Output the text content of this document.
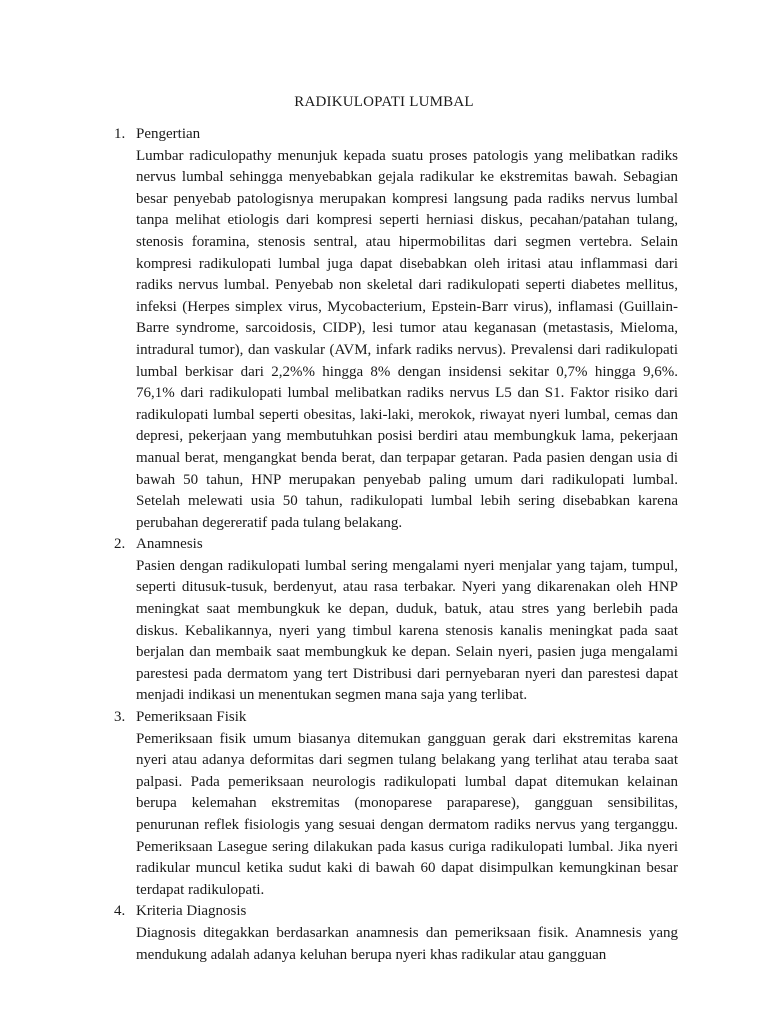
RADIKULOPATI LUMBAL
1. Pengertian

Lumbar radiculopathy menunjuk kepada suatu proses patologis yang melibatkan radiks nervus lumbal sehingga menyebabkan gejala radikular ke ekstremitas bawah. Sebagian besar penyebab patologisnya merupakan kompresi langsung pada radiks nervus lumbal tanpa melihat etiologis dari kompresi seperti herniasi diskus, pecahan/patahan tulang, stenosis foramina, stenosis sentral, atau hipermobilitas dari segmen vertebra. Selain kompresi radikulopati lumbal juga dapat disebabkan oleh iritasi atau inflammasi dari radiks nervus lumbal. Penyebab non skeletal dari radikulopati seperti diabetes mellitus, infeksi (Herpes simplex virus, Mycobacterium, Epstein-Barr virus), inflamasi (Guillain-Barre syndrome, sarcoidosis, CIDP), lesi tumor atau keganasan (metastasis, Mieloma, intradural tumor), dan vaskular (AVM, infark radiks nervus). Prevalensi dari radikulopati lumbal berkisar dari 2,2%% hingga 8% dengan insidensi sekitar 0,7% hingga 9,6%. 76,1% dari radikulopati lumbal melibatkan radiks nervus L5 dan S1. Faktor risiko dari radikulopati lumbal seperti obesitas, laki-laki, merokok, riwayat nyeri lumbal, cemas dan depresi, pekerjaan yang membutuhkan posisi berdiri atau membungkuk lama, pekerjaan manual berat, mengangkat benda berat, dan terpapar getaran. Pada pasien dengan usia di bawah 50 tahun, HNP merupakan penyebab paling umum dari radikulopati lumbal. Setelah melewati usia 50 tahun, radikulopati lumbal lebih sering disebabkan karena perubahan degereratif pada tulang belakang.

2. Anamnesis

Pasien dengan radikulopati lumbal sering mengalami nyeri menjalar yang tajam, tumpul, seperti ditusuk-tusuk, berdenyut, atau rasa terbakar. Nyeri yang dikarenakan oleh HNP meningkat saat membungkuk ke depan, duduk, batuk, atau stres yang berlebih pada diskus. Kebalikannya, nyeri yang timbul karena stenosis kanalis meningkat pada saat berjalan dan membaik saat membungkuk ke depan. Selain nyeri, pasien juga mengalami parestesi pada dermatom yang tert Distribusi dari pernyebaran nyeri dan parestesi dapat menjadi indikasi un menentukan segmen mana saja yang terlibat.

3. Pemeriksaan Fisik

Pemeriksaan fisik umum biasanya ditemukan gangguan gerak dari ekstremitas karena nyeri atau adanya deformitas dari segmen tulang belakang yang terlihat atau teraba saat palpasi. Pada pemeriksaan neurologis radikulopati lumbal dapat ditemukan kelainan berupa kelemahan ekstremitas (monoparese paraparese), gangguan sensibilitas, penurunan reflek fisiologis yang sesuai dengan dermatom radiks nervus yang terganggu. Pemeriksaan Lasegue sering dilakukan pada kasus curiga radikulopati lumbal. Jika nyeri radikular muncul ketika sudut kaki di bawah 60 dapat disimpulkan kemungkinan besar terdapat radikulopati.

4. Kriteria Diagnosis

Diagnosis ditegakkan berdasarkan anamnesis dan pemeriksaan fisik. Anamnesis yang mendukung adalah adanya keluhan berupa nyeri khas radikular atau gangguan
